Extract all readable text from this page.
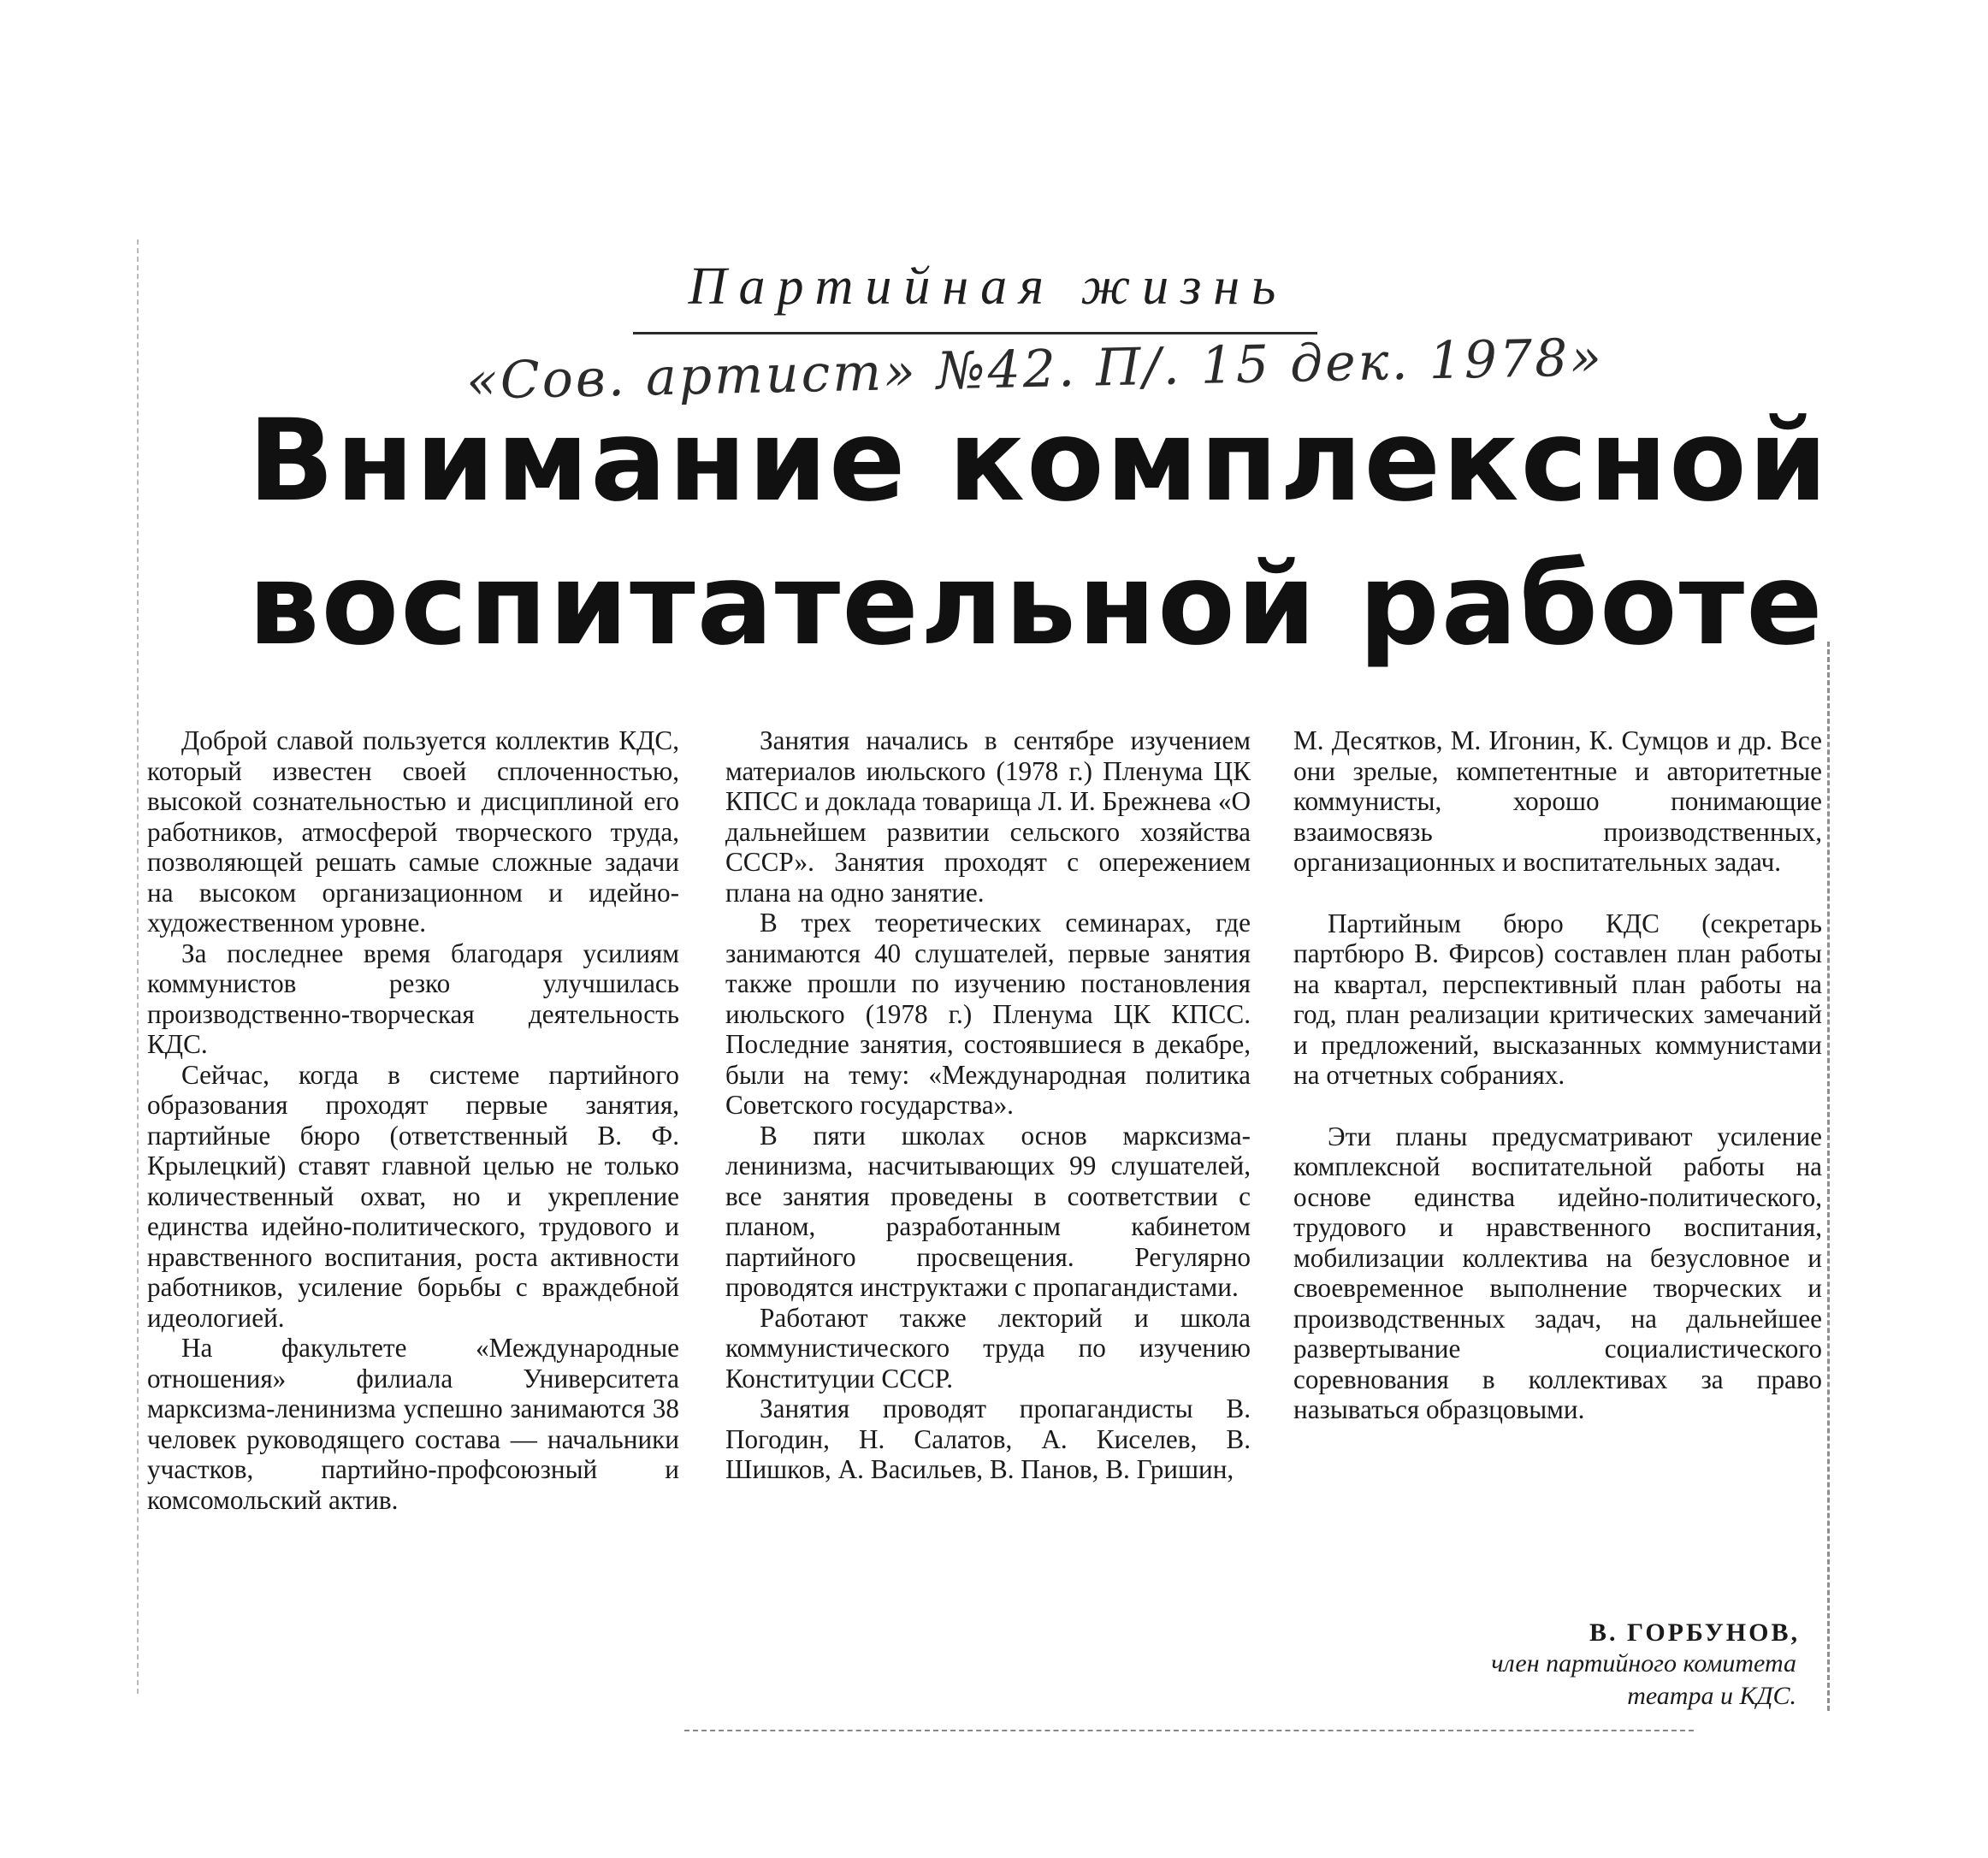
Партийная жизнь
«Сов. артист» №42. П/. 15 дек. 1978»
Внимание комплексной
воспитательной работе

Доброй славой пользуется коллектив КДС, который известен своей сплоченностью, высокой сознательностью и дисциплиной его работников, атмосферой творческого труда, позволяющей решать самые сложные задачи на высоком организационном и идейно-художественном уровне.

За последнее время благодаря усилиям коммунистов резко улучшилась производственно-творческая деятельность КДС.

Сейчас, когда в системе партийного образования проходят первые занятия, партийные бюро (ответственный В. Ф. Крылецкий) ставят главной целью не только количественный охват, но и укрепление единства идейно-политического, трудового и нравственного воспитания, роста активности работников, усиление борьбы с враждебной идеологией.

На факультете «Международные отношения» филиала Университета марксизма-ленинизма успешно занимаются 38 человек руководящего состава — начальники участков, партийно-профсоюзный и комсомольский актив.

Занятия начались в сентябре изучением материалов июльского (1978 г.) Пленума ЦК КПСС и доклада товарища Л. И. Брежнева «О дальнейшем развитии сельского хозяйства СССР». Занятия проходят с опережением плана на одно занятие.

В трех теоретических семинарах, где занимаются 40 слушателей, первые занятия также прошли по изучению постановления июльского (1978 г.) Пленума ЦК КПСС. Последние занятия, состоявшиеся в декабре, были на тему: «Международная политика Советского государства».

В пяти школах основ марксизма-ленинизма, насчитывающих 99 слушателей, все занятия проведены в соответствии с планом, разработанным кабинетом партийного просвещения. Регулярно проводятся инструктажи с пропагандистами.

Работают также лекторий и школа коммунистического труда по изучению Конституции СССР.

Занятия проводят пропагандисты В. Погодин, Н. Салатов, А. Киселев, В. Шишков, А. Васильев, В. Панов, В. Гришин,

М. Десятков, М. Игонин, К. Сумцов и др. Все они зрелые, компетентные и авторитетные коммунисты, хорошо понимающие взаимосвязь производственных, организационных и воспитательных задач.

Партийным бюро КДС (секретарь партбюро В. Фирсов) составлен план работы на квартал, перспективный план работы на год, план реализации критических замечаний и предложений, высказанных коммунистами на отчетных собраниях.

Эти планы предусматривают усиление комплексной воспитательной работы на основе единства идейно-политического, трудового и нравственного воспитания, мобилизации коллектива на безусловное и своевременное выполнение творческих и производственных задач, на дальнейшее развертывание социалистического соревнования в коллективах за право называться образцовыми.

В. ГОРБУНОВ,
член партийного комитета
театра и КДС.
